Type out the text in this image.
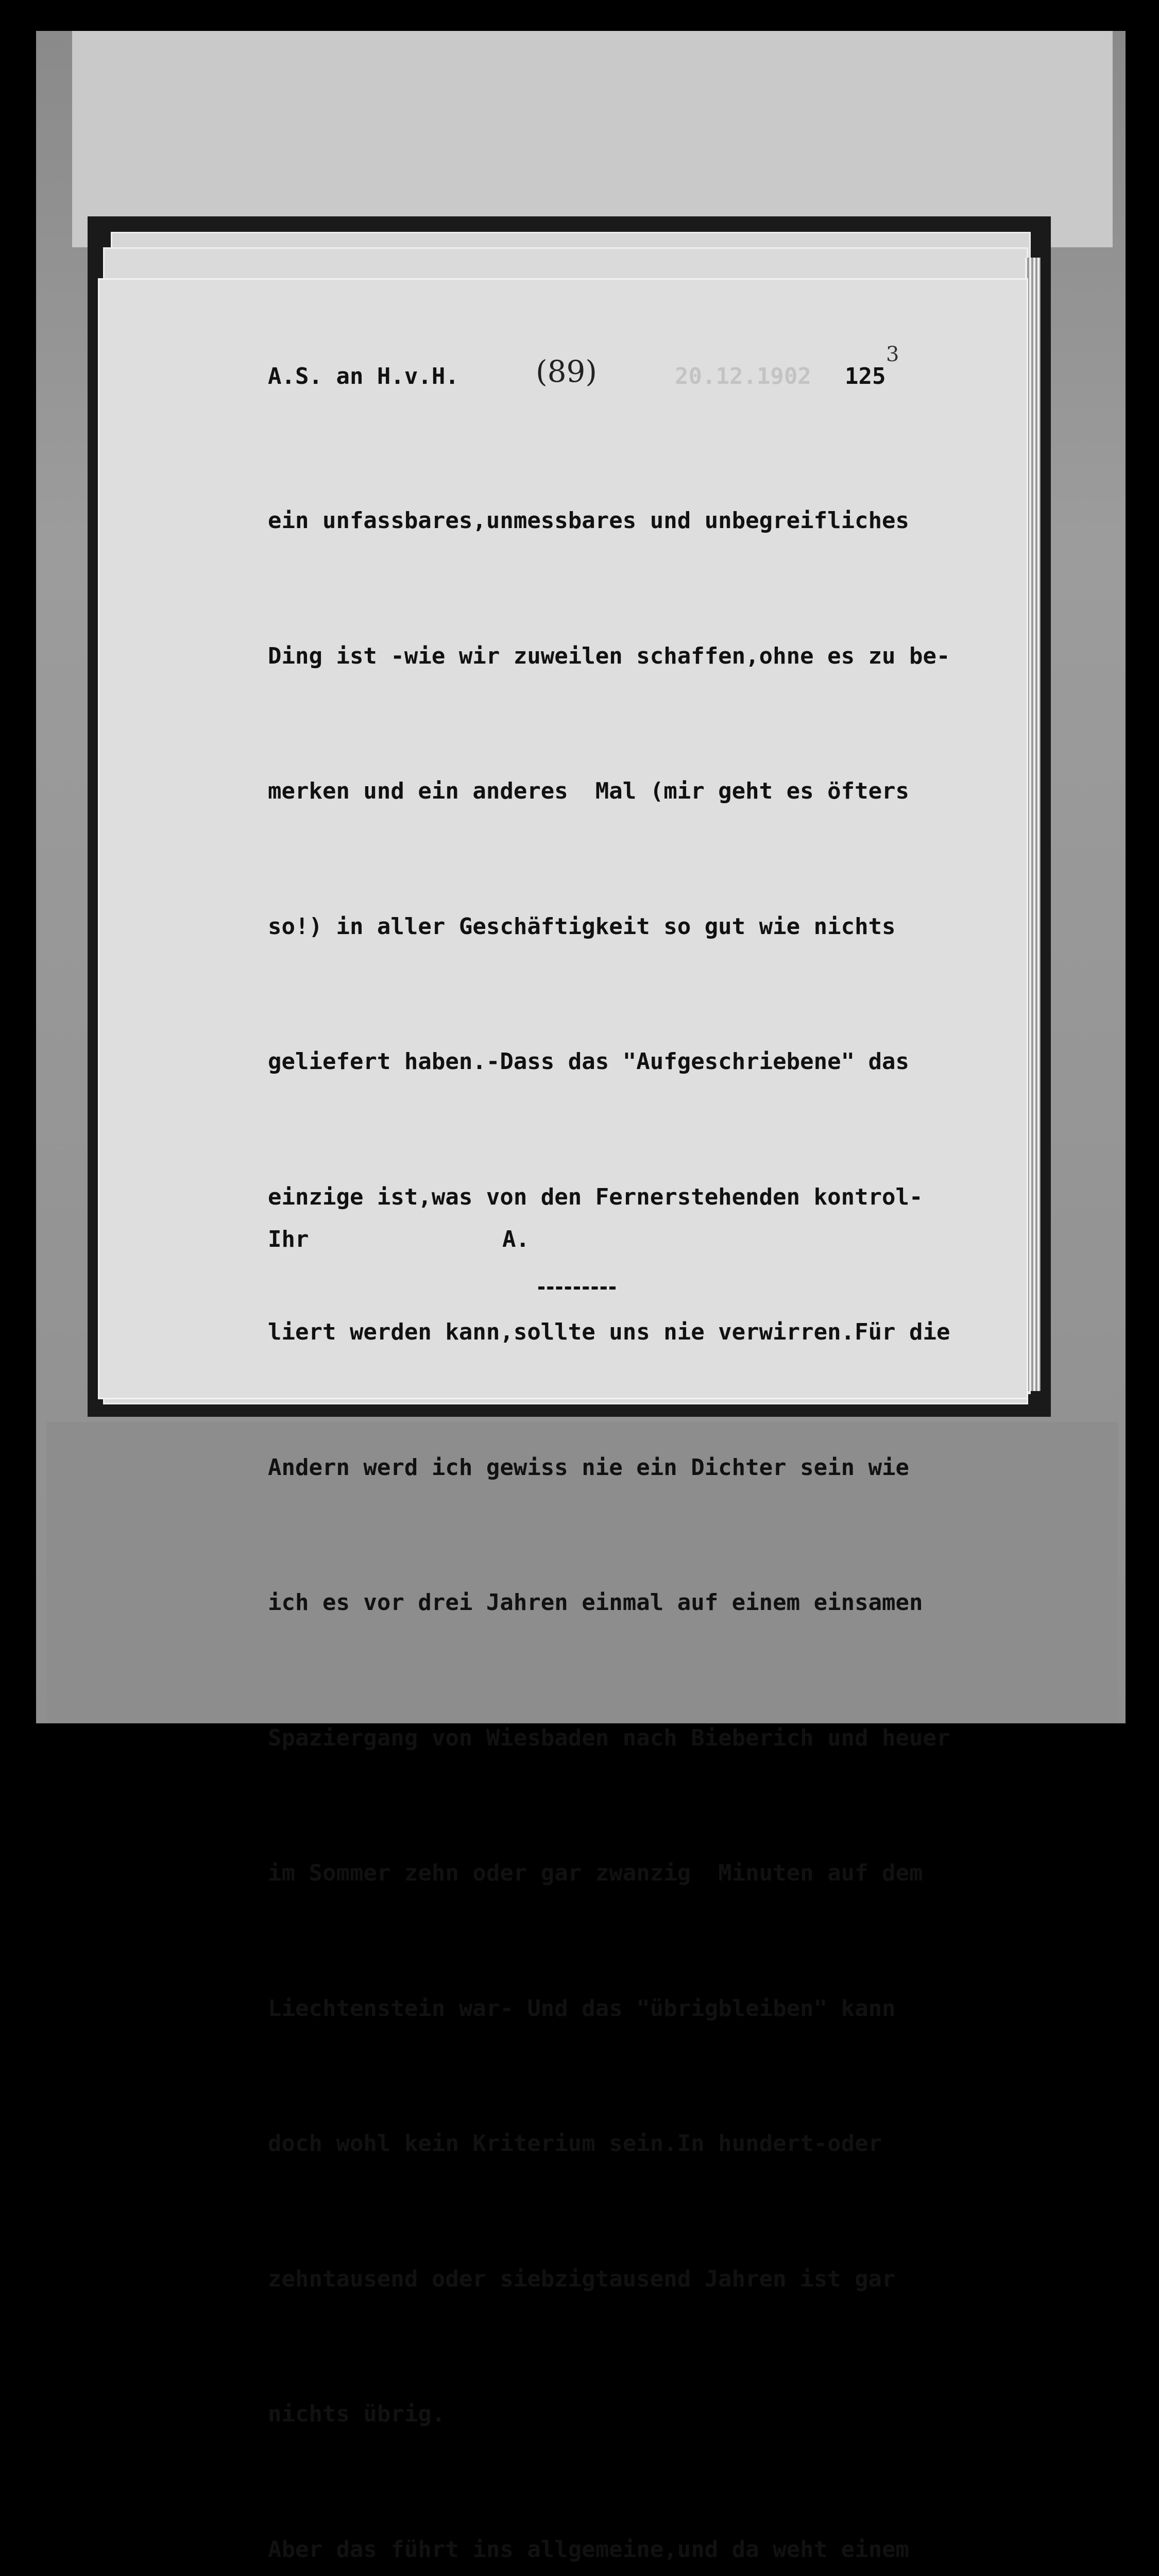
A.S. an H.v.H.	(89)	20.12.1902 125
3

ein unfassbares,unmessbares und unbegreifliches

Ding ist -wie wir zuweilen schaffen,ohne es zu be-

merken und ein anderes  Mal (mir geht es öfters

so!) in aller Geschäftigkeit so gut wie nichts

geliefert haben.-Dass das "Aufgeschriebene" das

einzige ist,was von den Fernerstehenden kontrol-

liert werden kann,sollte uns nie verwirren.Für die

Andern werd ich gewiss nie ein Dichter sein wie

ich es vor drei Jahren einmal auf einem einsamen

Spaziergang von Wiesbaden nach Bieberich und heuer

im Sommer zehn oder gar zwanzig  Minuten auf dem

Liechtenstein war- Und das "übrigbleiben" kann

doch wohl kein Kriterium sein.In hundert-oder

zehntausend oder siebzigtausend Jahren ist gar

nichts übrig.

Aber das führt ins allgemeine,und da weht einem

Ihr	A.
